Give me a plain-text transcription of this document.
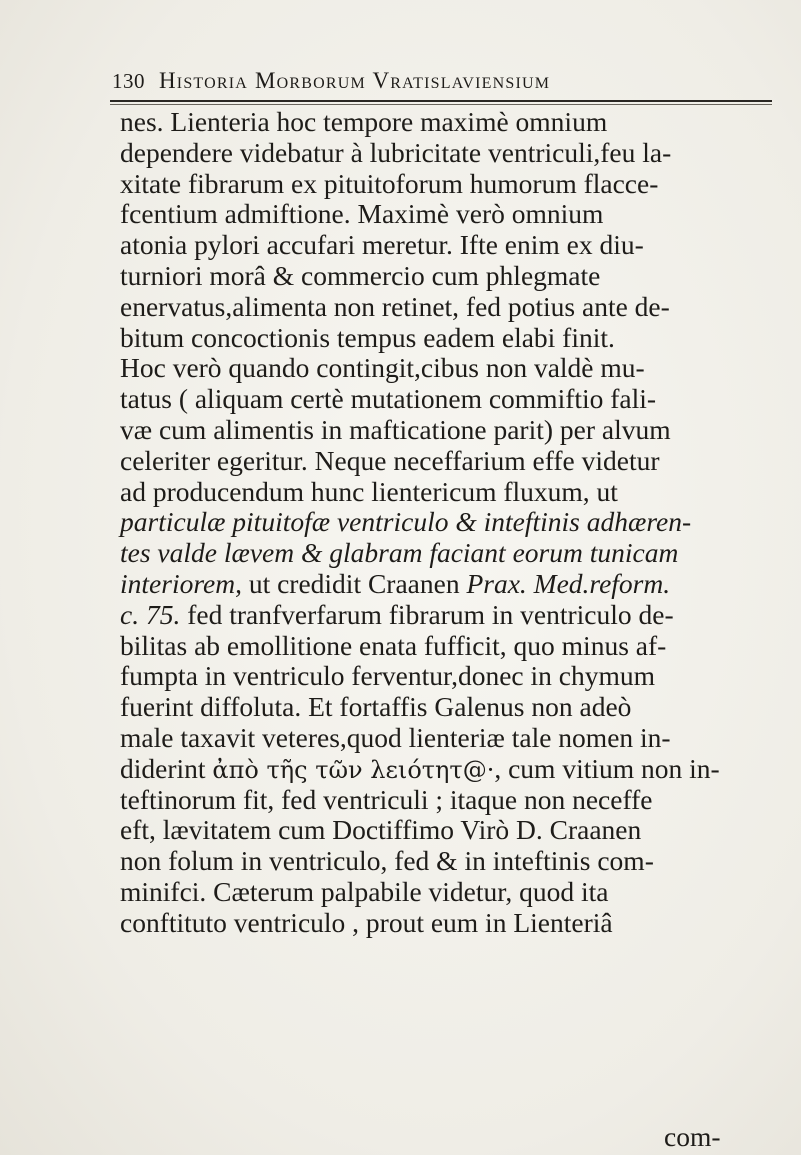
130 Historia Morborum Vratislaviensium
nes. Lienteria hoc tempore maximè omnium
dependere videbatur à lubricitate ventriculi,feu la-
xitate fibrarum ex pituitoforum humorum flacce-
fcentium admiftione. Maximè verò omnium
atonia pylori accufari meretur. Ifte enim ex diu-
turniori morâ & commercio cum phlegmate
enervatus,alimenta non retinet, fed potius ante de-
bitum concoctionis tempus eadem elabi finit.
Hoc verò quando contingit,cibus non valdè mu-
tatus ( aliquam certè mutationem commiftio fali-
væ cum alimentis in mafticatione parit) per alvum
celeriter egeritur. Neque neceffarium effe videtur
ad producendum hunc lientericum fluxum, ut
particulæ pituitofæ ventriculo & inteftinis adhæren-
tes valde lævem & glabram faciant eorum tunicam
interiorem, ut credidit Craanen Prax. Med.reform.
c. 75. fed tranfverfarum fibrarum in ventriculo de-
bilitas ab emollitione enata fufficit, quo minus af-
fumpta in ventriculo ferventur,donec in chymum
fuerint diffoluta. Et fortaffis Galenus non adeò
male taxavit veteres,quod lienteriæ tale nomen in-
diderint ἀπὸ τῆς τῶν λειότητ@·, cum vitium non in-
teftinorum fit, fed ventriculi ; itaque non neceffe
eft, lævitatem cum Doctiffimo Virò D. Craanen
non folum in ventriculo, fed & in inteftinis com-
minifci. Cæterum palpabile videtur, quod ita
conftituto ventriculo , prout eum in Lienteriâ
com-
